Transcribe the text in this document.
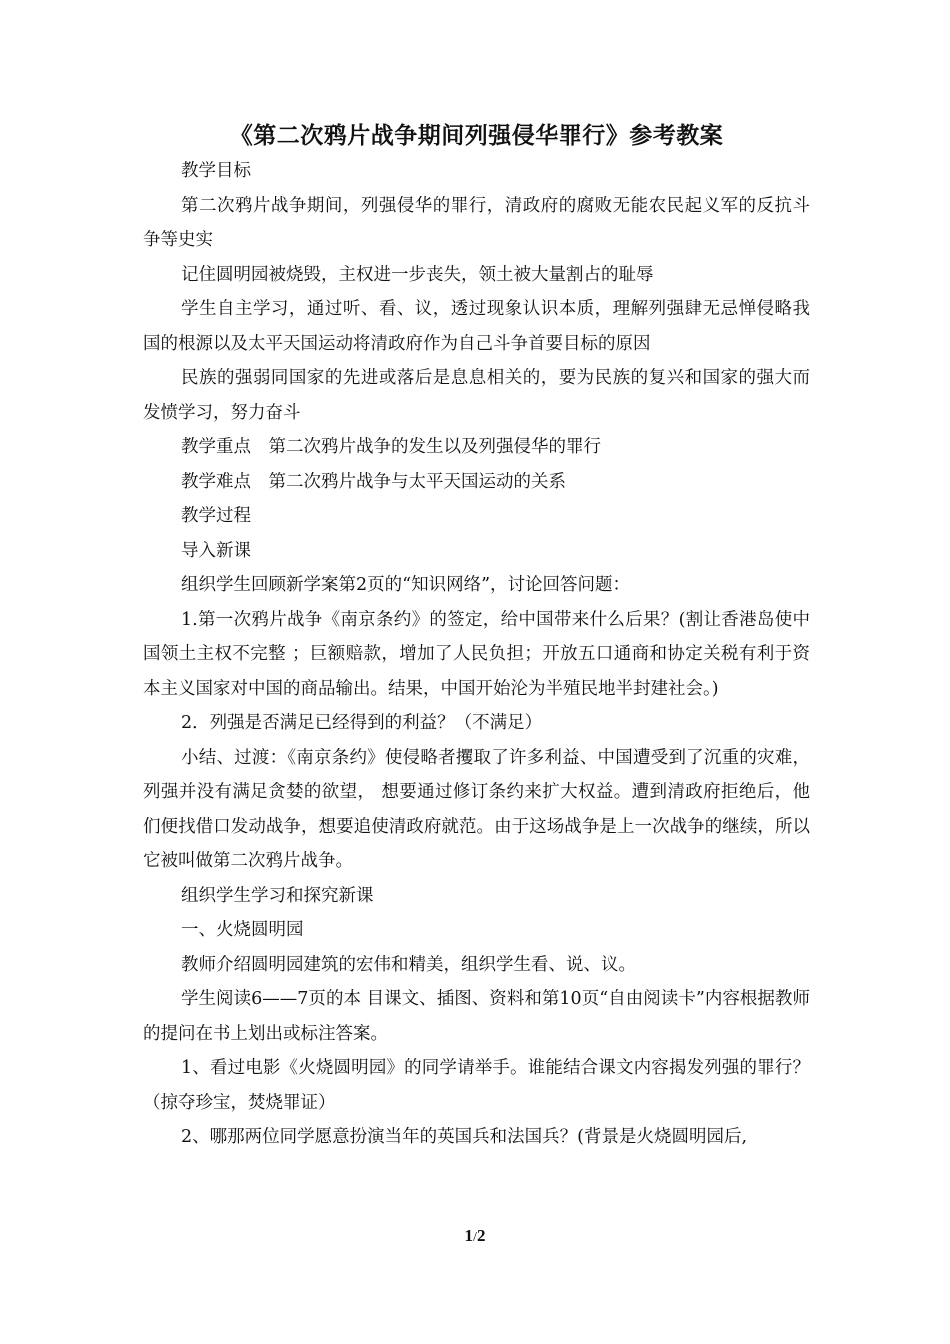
《第二次鸦片战争期间列强侵华罪行》参考教案

教学目标

第二次鸦片战争期间，列强侵华的罪行，清政府的腐败无能农民起义军的反抗斗争等史实

记住圆明园被烧毁，主权进一步丧失，领土被大量割占的耻辱

学生自主学习，通过听、看、议，透过现象认识本质，理解列强肆无忌惮侵略我国的根源以及太平天国运动将清政府作为自己斗争首要目标的原因

民族的强弱同国家的先进或落后是息息相关的，要为民族的复兴和国家的强大而发愤学习，努力奋斗

教学重点　第二次鸦片战争的发生以及列强侵华的罪行

教学难点　第二次鸦片战争与太平天国运动的关系

教学过程

导入新课

组织学生回顾新学案第2页的“知识网络”，讨论回答问题：

1.第一次鸦片战争《南京条约》的签定，给中国带来什么后果？(割让香港岛使中国领土主权不完整 ；巨额赔款，增加了人民负担；开放五口通商和协定关税有利于资本主义国家对中国的商品输出。结果，中国开始沦为半殖民地半封建社会。)

2．列强是否满足已经得到的利益？（不满足）

小结、过渡：《南京条约》使侵略者攫取了许多利益、中国遭受到了沉重的灾难，列强并没有满足贪婪的欲望， 想要通过修订条约来扩大权益。遭到清政府拒绝后，他们便找借口发动战争，想要追使清政府就范。由于这场战争是上一次战争的继续，所以它被叫做第二次鸦片战争。

组织学生学习和探究新课

一、火烧圆明园

教师介绍圆明园建筑的宏伟和精美，组织学生看、说、议。

学生阅读6——7页的本 目课文、插图、资料和第10页“自由阅读卡”内容根据教师的提问在书上划出或标注答案。

1、看过电影《火烧圆明园》的同学请举手。谁能结合课文内容揭发列强的罪行？（掠夺珍宝，焚烧罪证）

2、哪那两位同学愿意扮演当年的英国兵和法国兵？(背景是火烧圆明园后,

1/2
